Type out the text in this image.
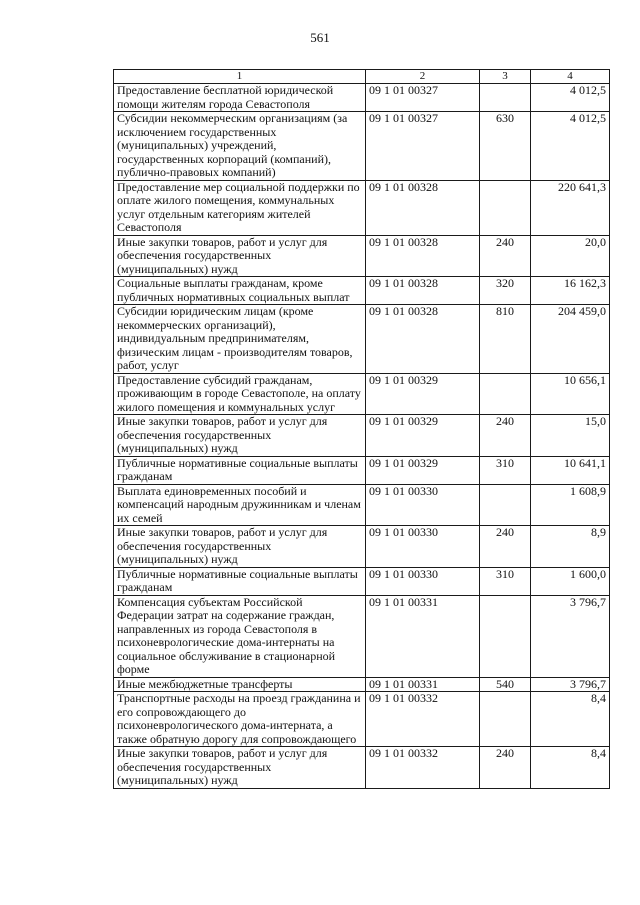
561
1	2	3	4
Предоставление бесплатной юридической помощи жителям города Севастополя	09 1 01 00327		4 012,5
Субсидии некоммерческим организациям (за исключением государственных (муниципальных) учреждений, государственных корпораций (компаний), публично-правовых компаний)	09 1 01 00327	630	4 012,5
Предоставление мер социальной поддержки по оплате жилого помещения, коммунальных услуг отдельным категориям жителей Севастополя	09 1 01 00328		220 641,3
Иные закупки товаров, работ и услуг для обеспечения государственных (муниципальных) нужд	09 1 01 00328	240	20,0
Социальные выплаты гражданам, кроме публичных нормативных социальных выплат	09 1 01 00328	320	16 162,3
Субсидии юридическим лицам (кроме некоммерческих организаций), индивидуальным предпринимателям, физическим лицам - производителям товаров, работ, услуг	09 1 01 00328	810	204 459,0
Предоставление субсидий гражданам, проживающим в городе Севастополе, на оплату жилого помещения и коммунальных услуг	09 1 01 00329		10 656,1
Иные закупки товаров, работ и услуг для обеспечения государственных (муниципальных) нужд	09 1 01 00329	240	15,0
Публичные нормативные социальные выплаты гражданам	09 1 01 00329	310	10 641,1
Выплата единовременных пособий и компенсаций народным дружинникам и членам их семей	09 1 01 00330		1 608,9
Иные закупки товаров, работ и услуг для обеспечения государственных (муниципальных) нужд	09 1 01 00330	240	8,9
Публичные нормативные социальные выплаты гражданам	09 1 01 00330	310	1 600,0
Компенсация субъектам Российской Федерации затрат на содержание граждан, направленных из города Севастополя в психоневрологические дома-интернаты на социальное обслуживание в стационарной форме	09 1 01 00331		3 796,7
Иные межбюджетные трансферты	09 1 01 00331	540	3 796,7
Транспортные расходы на проезд гражданина и его сопровождающего до психоневрологического дома-интерната, а также обратную дорогу для сопровождающего	09 1 01 00332		8,4
Иные закупки товаров, работ и услуг для обеспечения государственных (муниципальных) нужд	09 1 01 00332	240	8,4
